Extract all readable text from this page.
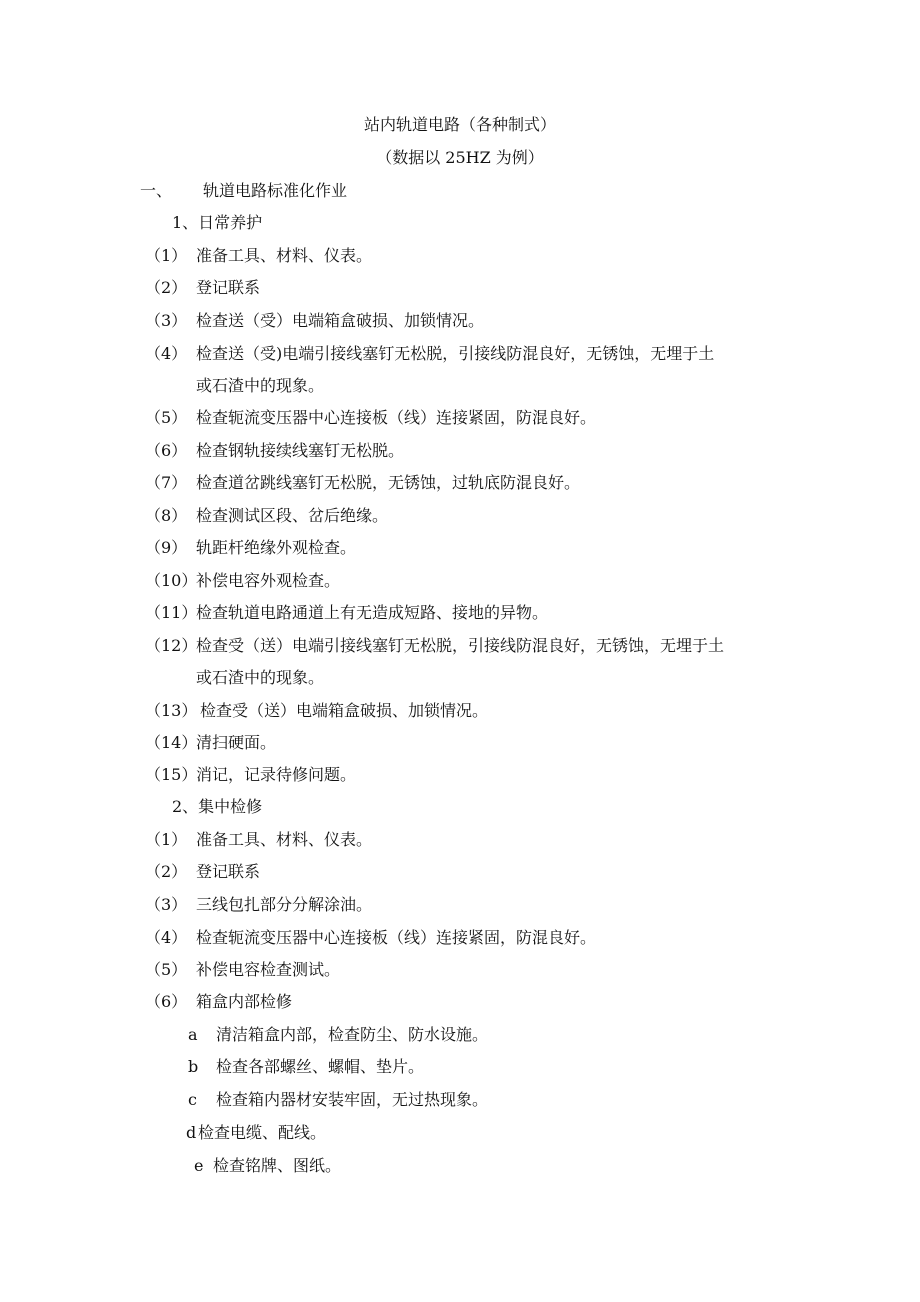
站内轨道电路（各种制式）
（数据以 25HZ 为例）
一、 轨道电路标准化作业
1、日常养护
（1） 准备工具、材料、仪表。
（2） 登记联系
（3） 检查送（受）电端箱盒破损、加锁情况。
（4） 检查送（受)电端引接线塞钉无松脱，引接线防混良好，无锈蚀，无埋于土
或石渣中的现象。
（5） 检查轭流变压器中心连接板（线）连接紧固，防混良好。
（6） 检查钢轨接续线塞钉无松脱。
（7） 检查道岔跳线塞钉无松脱，无锈蚀，过轨底防混良好。
（8） 检查测试区段、岔后绝缘。
（9） 轨距杆绝缘外观检查。
（10）
补偿电容外观检查。
（11）
检查轨道电路通道上有无造成短路、接地的异物。
（12）
检查受（送）电端引接线塞钉无松脱，引接线防混良好，无锈蚀，无埋于土
或石渣中的现象。
（13） 检查受（送）电端箱盒破损、加锁情况。
（14）
清扫硬面。
（15）
消记，记录待修问题。
2、集中检修
（1） 准备工具、材料、仪表。
（2） 登记联系
（3） 三线包扎部分分解涂油。
（4） 检查轭流变压器中心连接板（线）连接紧固，防混良好。
（5） 补偿电容检查测试。
（6） 箱盒内部检修
a 清洁箱盒内部，检查防尘、防水设施。
b 检查各部螺丝、螺帽、垫片。
c 检查箱内器材安装牢固，无过热现象。
d 检查电缆、配线。
e 检查铭牌、图纸。
